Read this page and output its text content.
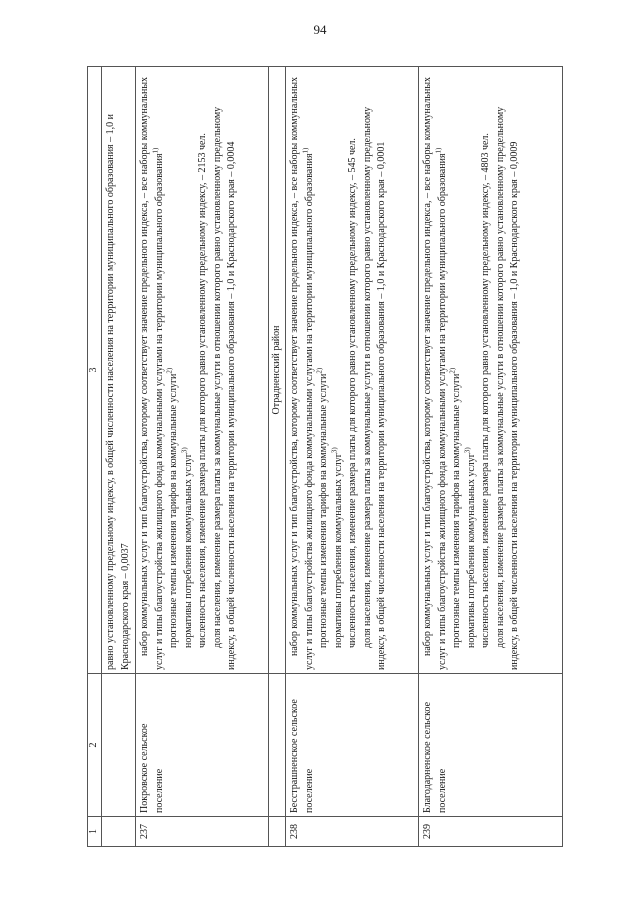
94
1	2	3
		равно установленному предельному индексу, в общей численности населения на территории муниципального образования – 1,0 и Краснодарского края – 0,0037
237	Покровское сельское поселение	набор коммунальных услуг и тип благоустройства, которому соответствует значение предельного индекса, – все наборы коммунальных услуг и типы благоустройства жилищного фонда коммунальными услугами на территории муниципального образования$^{1)}$

прогнозные темпы изменения тарифов на коммунальные услуги$^{2)}$

нормативы потребления коммунальных услуг$^{3)}$ численность населения, изменение размера платы для которого равно установленному предельному индексу, – 2153 чел. доля населения, изменение размера платы за коммунальные услуги в отношении которого равно установленному предельному индексу, в общей численности населения на территории муниципального образования – 1,0 и Краснодарского края – 0,0004

		Отрадненский район
238	Бесстрашненское сельское поселение	набор коммунальных услуг и тип благоустройства, которому соответствует значение предельного индекса, – все наборы коммунальных услуг и типы благоустройства жилищного фонда коммунальными услугами на территории муниципального образования$^{1)}$

прогнозные темпы изменения тарифов на коммунальные услуги$^{2)}$

нормативы потребления коммунальных услуг$^{3)}$ численность населения, изменение размера платы для которого равно установленному предельному индексу, – 545 чел. доля населения, изменение размера платы за коммунальные услуги в отношении которого равно установленному предельному индексу, в общей численности населения на территории муниципального образования – 1,0 и Краснодарского края – 0,0001

239	Благодарненское сельское поселение	набор коммунальных услуг и тип благоустройства, которому соответствует значение предельного индекса, – все наборы коммунальных услуг и типы благоустройства жилищного фонда коммунальными услугами на территории муниципального образования$^{1)}$

прогнозные темпы изменения тарифов на коммунальные услуги$^{2)}$

нормативы потребления коммунальных услуг$^{3)}$ численность населения, изменение размера платы для которого равно установленному предельному индексу, – 4803 чел. доля населения, изменение размера платы за коммунальные услуги в отношении которого равно установленному предельному индексу, в общей численности населения на территории муниципального образования – 1,0 и Краснодарского края – 0,0009
